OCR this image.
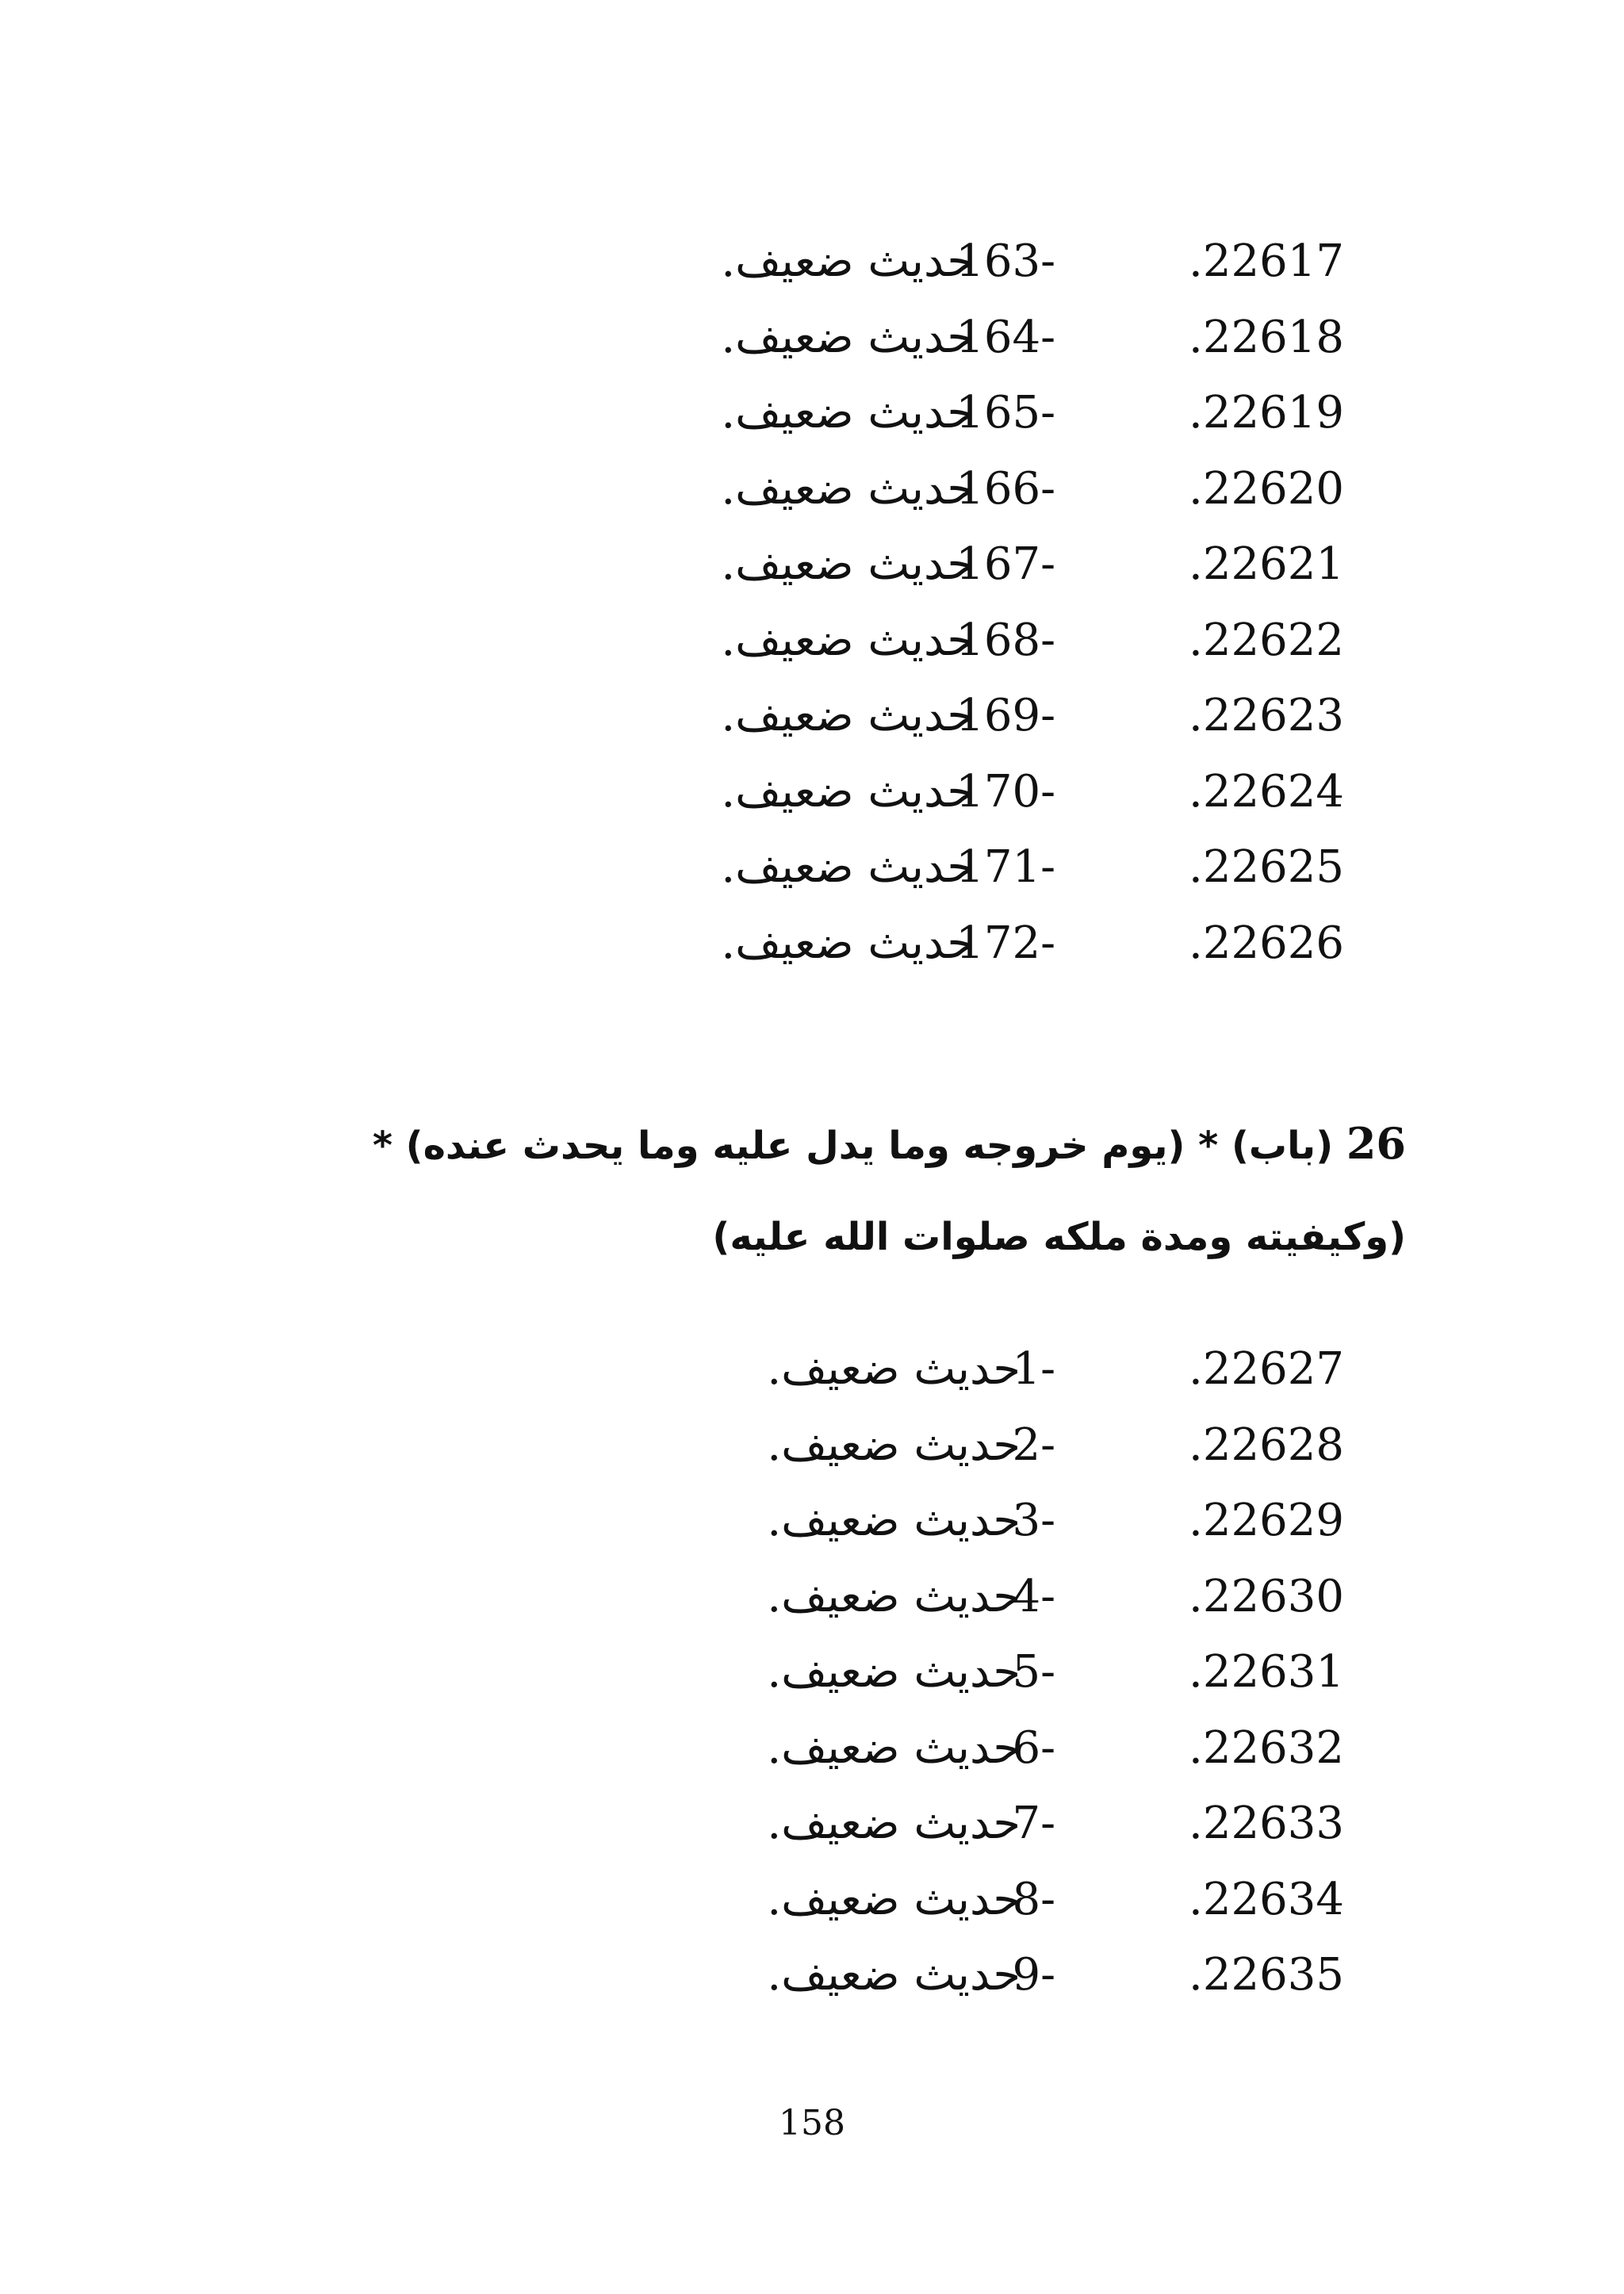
.22617
163-
حديث ضعيف.
.22618
164-
حديث ضعيف.
.22619
165-
حديث ضعيف.
.22620
166-
حديث ضعيف.
.22621
167-
حديث ضعيف.
.22622
168-
حديث ضعيف.
.22623
169-
حديث ضعيف.
.22624
170-
حديث ضعيف.
.22625
171-
حديث ضعيف.
.22626
172-
حديث ضعيف.
26 (باب) * (يوم خروجه وما يدل عليه وما يحدث عنده) * (وكيفيته ومدة ملكه صلوات الله عليه)
.22627
1-
حديث ضعيف.
.22628
2-
حديث ضعيف.
.22629
3-
حديث ضعيف.
.22630
4-
حديث ضعيف.
.22631
5-
حديث ضعيف.
.22632
6-
حديث ضعيف.
.22633
7-
حديث ضعيف.
.22634
8-
حديث ضعيف.
.22635
9-
حديث ضعيف.
158
